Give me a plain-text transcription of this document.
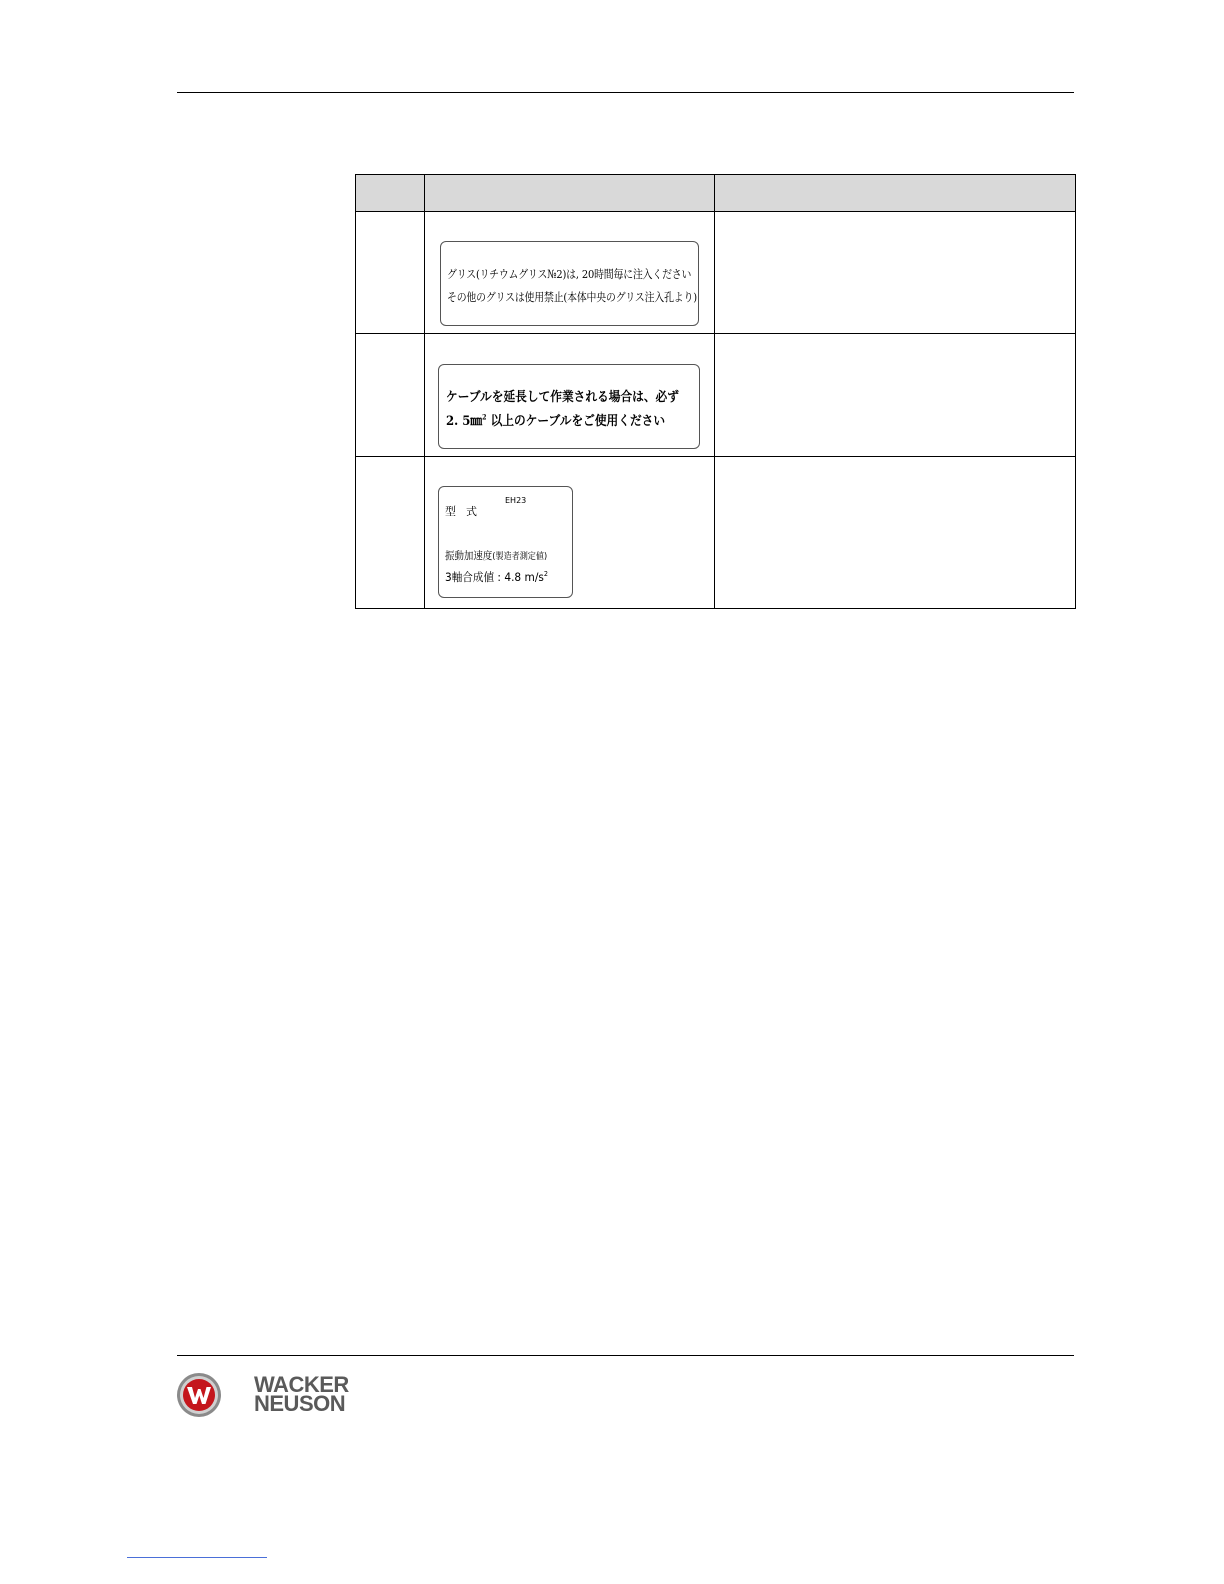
	グリス(リチウムグリス№2)は, 20時間毎に注入ください
その他のグリスは使用禁止(本体中央のグリス注入孔より)	

	ケーブルを延長して作業される場合は、必ず
2. 5㎜$^2$ 以上のケーブルをご使用ください	

	型式
EH23
振動加速度(製造者測定値)
3軸合成値 : 4.8 $m/s^2$

WACKER
NEUSON
